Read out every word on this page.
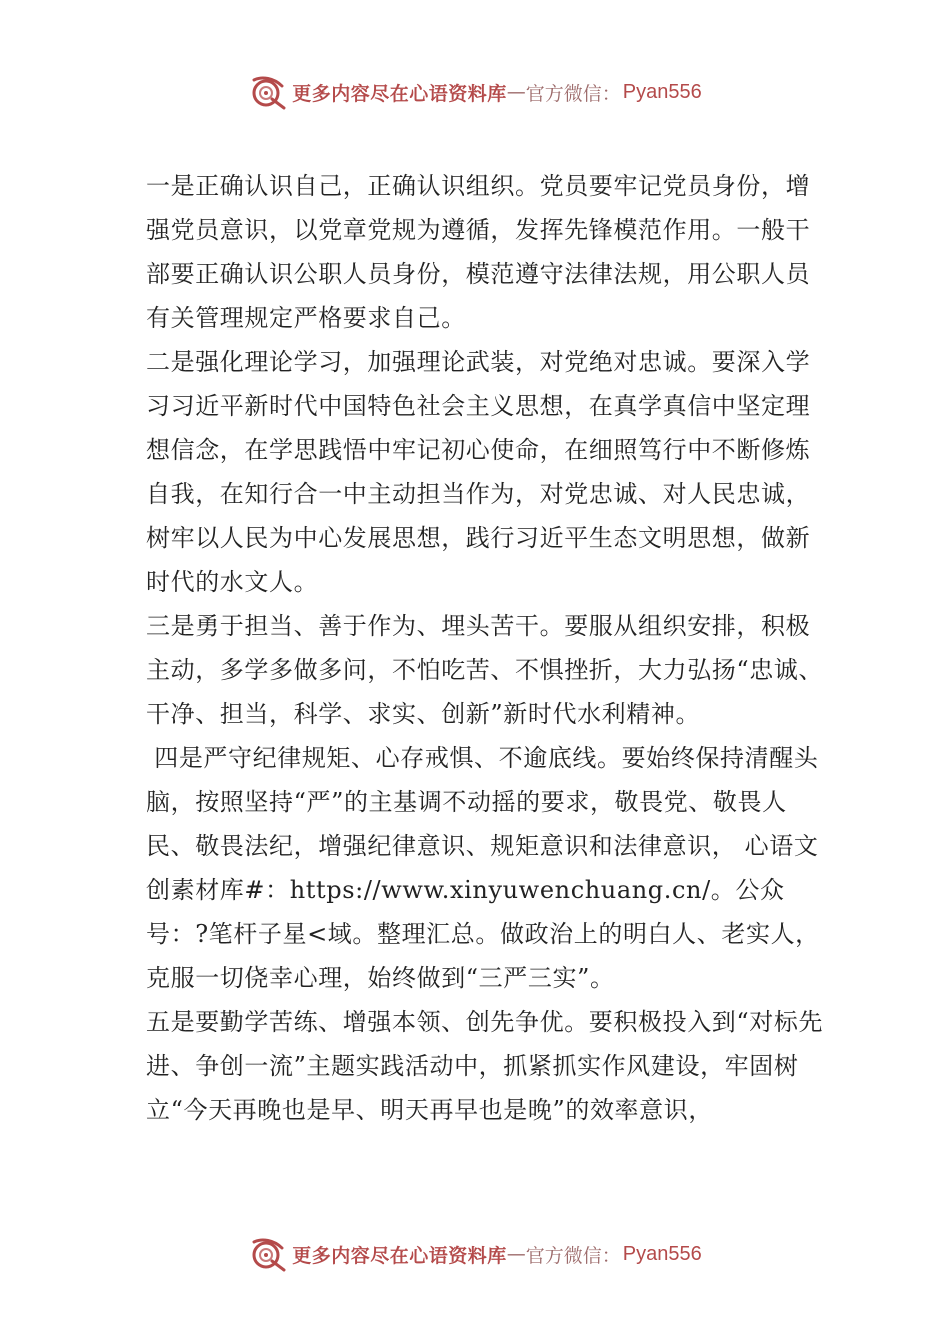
更多内容尽在心语资料库 — 官方微信： Pyan556

一是正确认识自己，正确认识组织。党员要牢记党员身份，增强党员意识，以党章党规为遵循，发挥先锋模范作用。一般干部要正确认识公职人员身份，模范遵守法律法规，用公职人员有关管理规定严格要求自己。

二是强化理论学习，加强理论武装，对党绝对忠诚。要深入学习习近平新时代中国特色社会主义思想，在真学真信中坚定理想信念，在学思践悟中牢记初心使命，在细照笃行中不断修炼自我，在知行合一中主动担当作为，对党忠诚、对人民忠诚，树牢以人民为中心发展思想，践行习近平生态文明思想，做新时代的水文人。

三是勇于担当、善于作为、埋头苦干。要服从组织安排，积极主动，多学多做多问，不怕吃苦、不惧挫折，大力弘扬“忠诚、干净、担当，科学、求实、创新”新时代水利精神。

四是严守纪律规矩、心存戒惧、不逾底线。要始终保持清醒头脑，按照坚持“严”的主基调不动摇的要求，敬畏党、敬畏人民、敬畏法纪，增强纪律意识、规矩意识和法律意识， 心语文创素材库#：https://www.xinyuwenchuang.cn/。公众号：?笔杆子星<域。整理汇总。做政治上的明白人、老实人，克服一切侥幸心理，始终做到“三严三实”。

五是要勤学苦练、增强本领、创先争优。要积极投入到“对标先进、争创一流”主题实践活动中，抓紧抓实作风建设，牢固树立“今天再晚也是早、明天再早也是晚”的效率意识，

更多内容尽在心语资料库 — 官方微信： Pyan556
